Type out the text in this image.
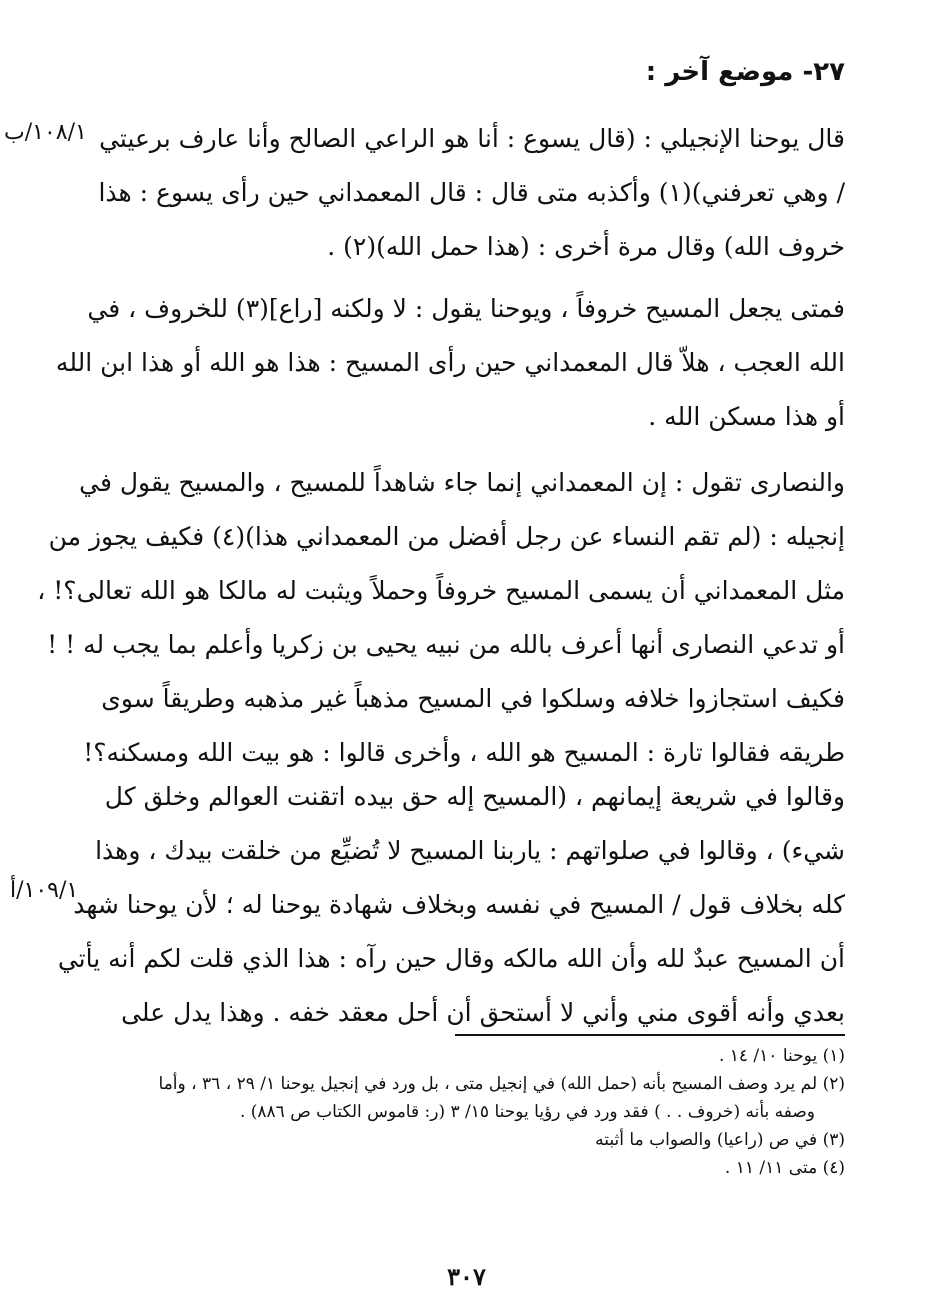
٢٧- موضع آخر :
١٠٨/١/ب
١٠٩/١/أ

قال يوحنا الإنجيلي : (قال يسوع : أنا هو الراعي الصالح وأنا عارف برعيتي
/ وهي تعرفني)(١) وأكذبه متى قال : قال المعمداني حين رأى يسوع : هذا
خروف الله) وقال مرة أخرى : (هذا حمل الله)(٢) .

فمتى يجعل المسيح خروفاً ، ويوحنا يقول : لا ولكنه [راع](٣) للخروف ، في
الله العجب ، هلاّ قال المعمداني حين رأى المسيح : هذا هو الله أو هذا ابن الله
أو هذا مسكن الله .

والنصارى تقول : إن المعمداني إنما جاء شاهداً للمسيح ، والمسيح يقول في
إنجيله : (لم تقم النساء عن رجل أفضل من المعمداني هذا)(٤) فكيف يجوز من
مثل المعمداني أن يسمى المسيح خروفاً وحملاً ويثبت له مالكا هو الله تعالى؟! ،
أو تدعي النصارى أنها أعرف بالله من نبيه يحيى بن زكريا وأعلم بما يجب له ! !
فكيف استجازوا خلافه وسلكوا في المسيح مذهباً غير مذهبه وطريقاً سوى
طريقه فقالوا تارة : المسيح هو الله ، وأخرى قالوا : هو بيت الله ومسكنه؟!

وقالوا في شريعة إيمانهم ، (المسيح إله حق بيده اتقنت العوالم وخلق كل
شيء) ، وقالوا في صلواتهم : ياربنا المسيح لا تُضيِّع من خلقت بيدك ، وهذا
كله بخلاف قول / المسيح في نفسه وبخلاف شهادة يوحنا له ؛ لأن يوحنا شهد
أن المسيح عبدٌ لله وأن الله مالكه وقال حين رآه : هذا الذي قلت لكم أنه يأتي
بعدي وأنه أقوى مني وأني لا أستحق أن أحل معقد خفه . وهذا يدل على

(١) يوحنا ١٠/ ١٤ .
(٢) لم يرد وصف المسيح بأنه (حمل الله) في إنجيل متى ، بل ورد في إنجيل يوحنا ١/ ٢٩ ، ٣٦ ، وأما
وصفه بأنه (خروف . . ) فقد ورد في رؤيا يوحنا ١٥/ ٣ (ر: قاموس الكتاب ص ٨٨٦) .
(٣) في ص (راعيا) والصواب ما أثبته
(٤) متى ١١/ ١١ .
٣٠٧
